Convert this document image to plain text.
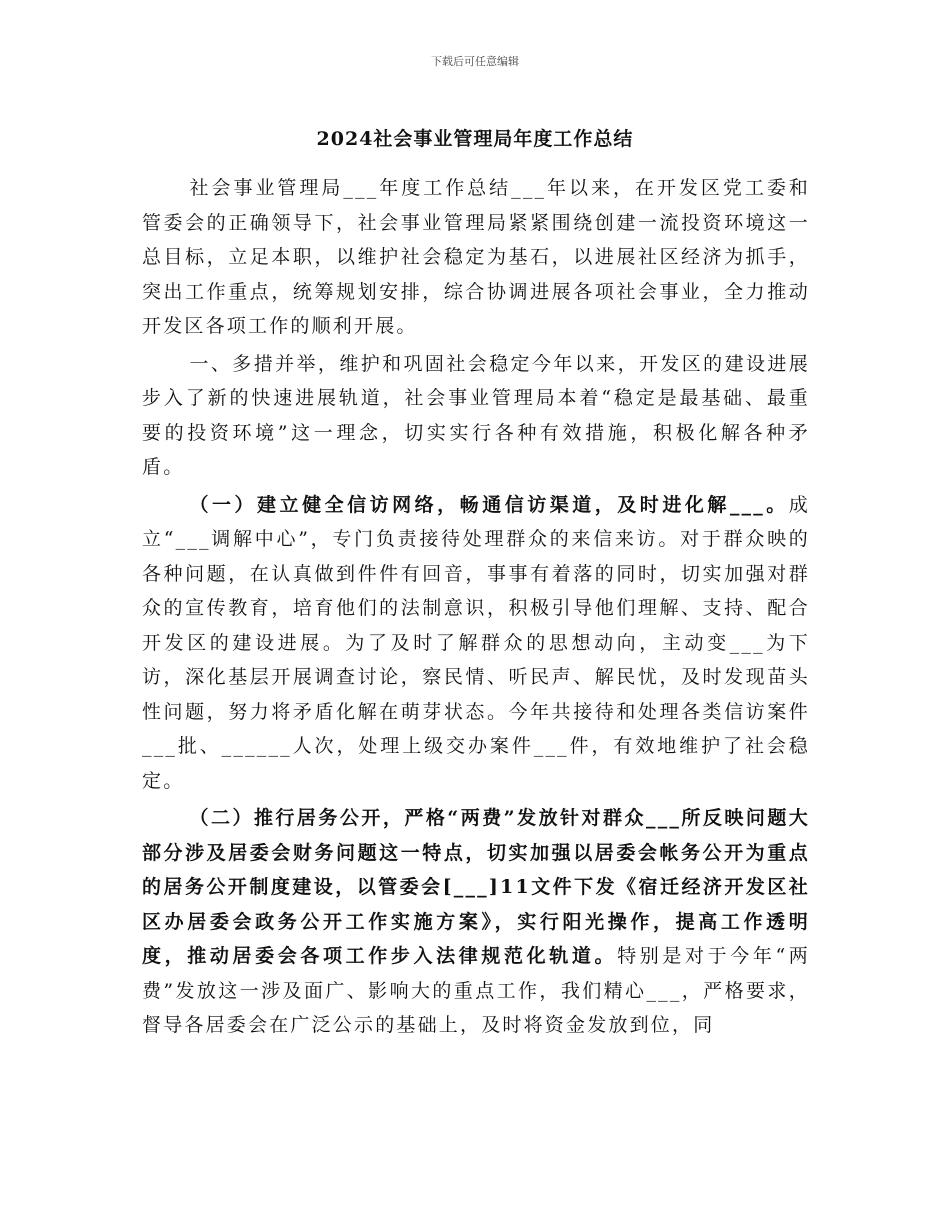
下载后可任意编辑
2024社会事业管理局年度工作总结

社会事业管理局___年度工作总结___年以来，在开发区党工委和管委会的正确领导下，社会事业管理局紧紧围绕创建一流投资环境这一总目标，立足本职，以维护社会稳定为基石，以进展社区经济为抓手，突出工作重点，统筹规划安排，综合协调进展各项社会事业，全力推动开发区各项工作的顺利开展。

一、多措并举，维护和巩固社会稳定今年以来，开发区的建设进展步入了新的快速进展轨道，社会事业管理局本着“稳定是最基础、最重要的投资环境”这一理念，切实实行各种有效措施，积极化解各种矛盾。

（一）建立健全信访网络，畅通信访渠道，及时进化解___。成立“___调解中心”，专门负责接待处理群众的来信来访。对于群众映的各种问题，在认真做到件件有回音，事事有着落的同时，切实加强对群众的宣传教育，培育他们的法制意识，积极引导他们理解、支持、配合开发区的建设进展。为了及时了解群众的思想动向，主动变___为下访，深化基层开展调查讨论，察民情、听民声、解民忧，及时发现苗头性问题，努力将矛盾化解在萌芽状态。今年共接待和处理各类信访案件___批、______人次，处理上级交办案件___件，有效地维护了社会稳定。

（二）推行居务公开，严格“两费”发放针对群众___所反映问题大部分涉及居委会财务问题这一特点，切实加强以居委会帐务公开为重点的居务公开制度建设，以管委会[___]11文件下发《宿迁经济开发区社区办居委会政务公开工作实施方案》，实行阳光操作，提高工作透明度，推动居委会各项工作步入法律规范化轨道。特别是对于今年“两费”发放这一涉及面广、影响大的重点工作，我们精心___，严格要求，督导各居委会在广泛公示的基础上，及时将资金发放到位，同
